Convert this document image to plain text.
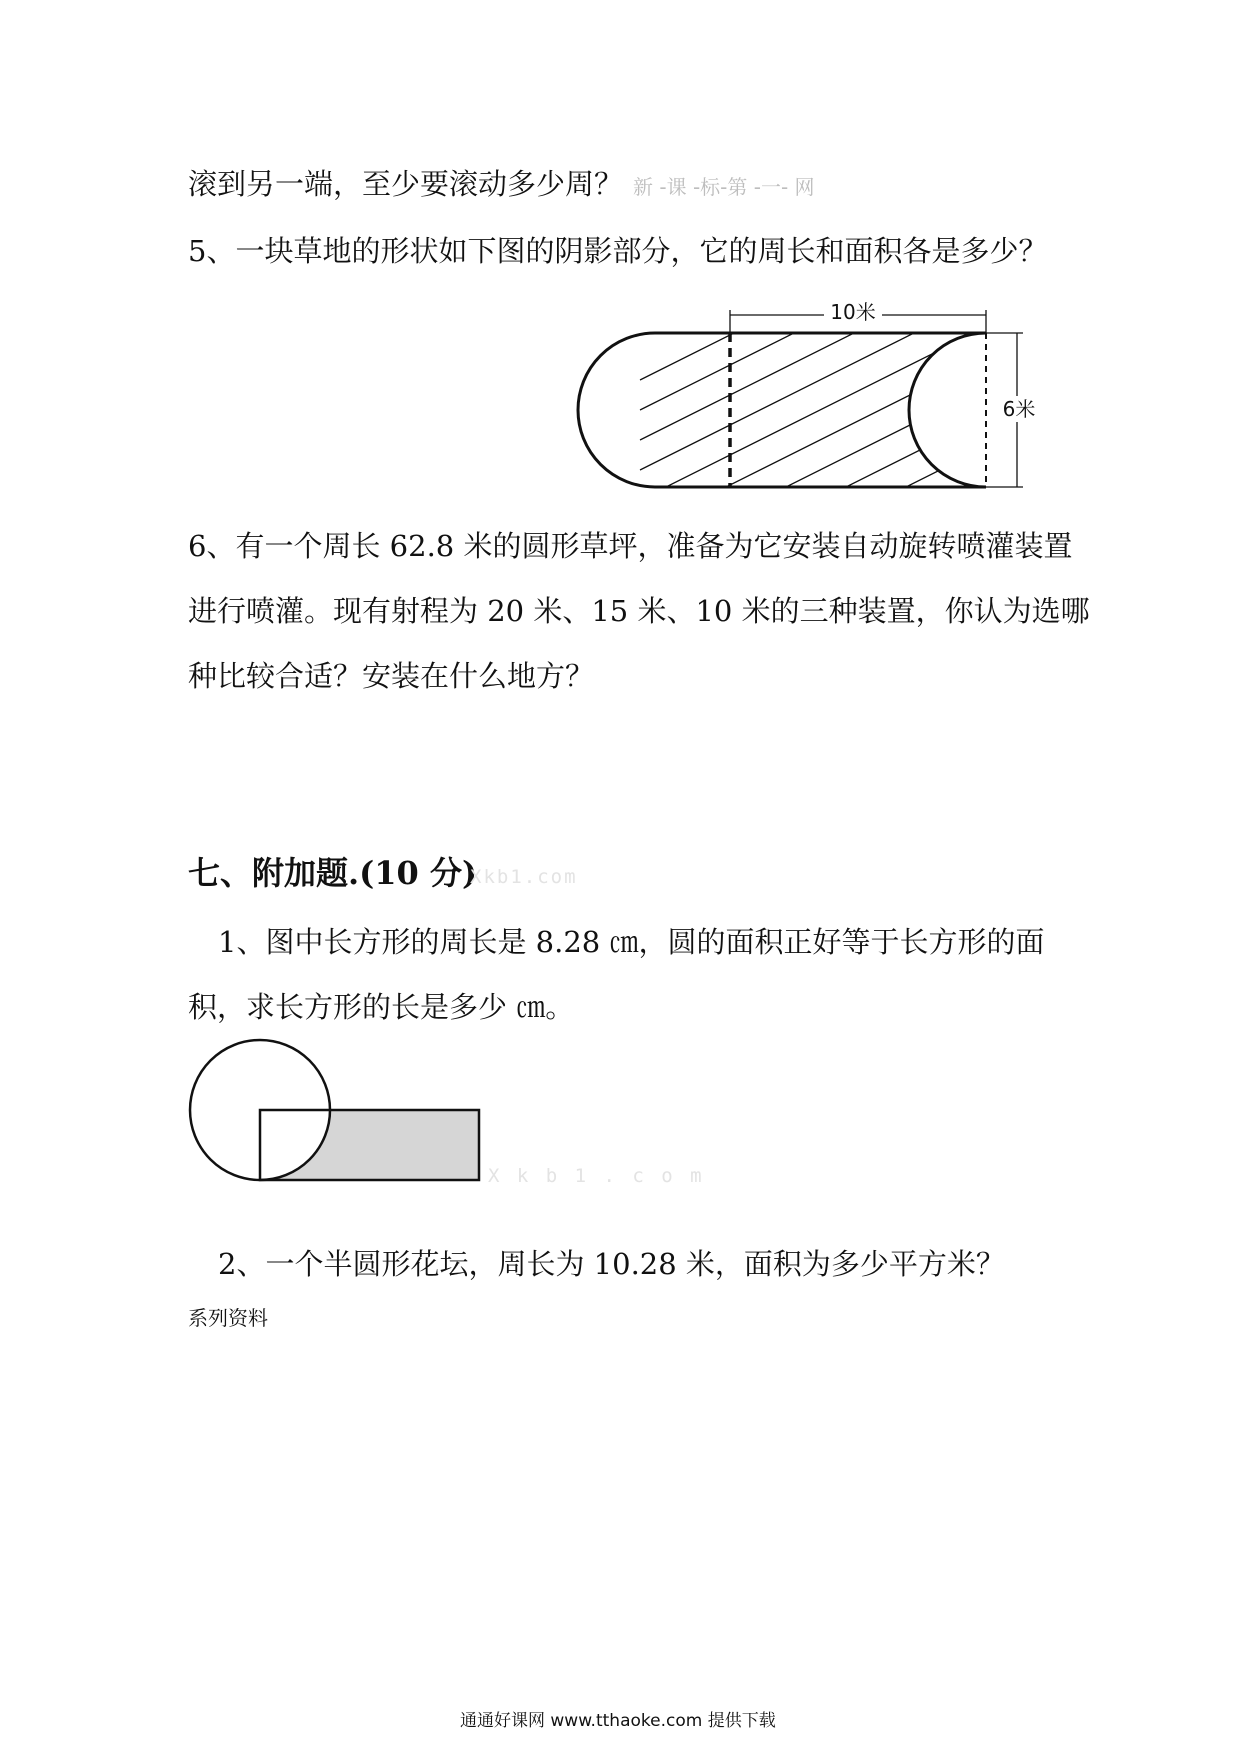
滚到另一端，至少要滚动多少周？ 新 -课 -标-第 -一- 网
5、一块草地的形状如下图的阴影部分，它的周长和面积各是多少？
10米
6米
6、有一个周长 62.8 米的圆形草坪，准备为它安装自动旋转喷灌装置
进行喷灌。现有射程为 20 米、15 米、10 米的三种装置，你认为选哪
种比较合适？安装在什么地方？
七、附加题.(10 分)
Xkb1.com
1、图中长方形的周长是 8.28 ㎝，圆的面积正好等于长方形的面
积，求长方形的长是多少 ㎝。
X k b 1 . c o m
2、一个半圆形花坛，周长为 10.28 米，面积为多少平方米？
系列资料
通通好课网 www.tthaoke.com 提供下载
